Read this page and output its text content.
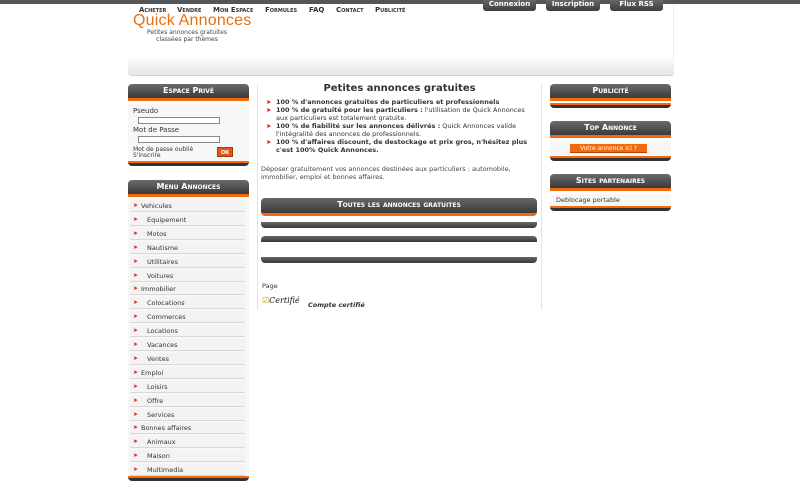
Connexion	Inscription	Flux RSS
Quick Annonces
Petites annonces gratuites
classées par thèmes
Acheter Vendre Mon Espace Formules FAQ Contact Publicité
Espace Privé
Pseudo
Mot de Passe
Mot de passe oublié
S'inscrire	OK
Menu Annonces
➤ Vehicules
➤ Equipement
➤ Motos
➤ Nautisme
➤ Utilitaires
➤ Voitures
➤ Immobilier
➤ Colocations
➤ Commerces
➤ Locations
➤ Vacances
➤ Ventes
➤ Emploi
➤ Loisirs
➤ Offre
➤ Services
➤ Bonnes affaires
➤ Animaux
➤ Maison
➤ Multimedia
Petites annonces gratuites
➤ 100 % d'annonces gratuites de particuliers et professionnels
➤ 100 % de gratuité pour les particuliers : l'utilisation de Quick Annonces aux particuliers est totalement gratuite.
➤ 100 % de fiabilité sur les annonces délivrés : Quick Annonces valide l'intégralité des annonces de professionnels.
➤ 100 % d'affaires discount, de destockage et prix gros, n'hésitez plus c'est 100% Quick Annonces.
Déposer gratuitement vos annonces destinées aux particuliers : automobile, immobilier, emploi et bonnes affaires.
Toutes les annonces gratuites
Page
☑Certifié Compte certifié
Publicité
Top Annonce
Votre annonce ici ?
Sites partenaires
Deblocage portable
